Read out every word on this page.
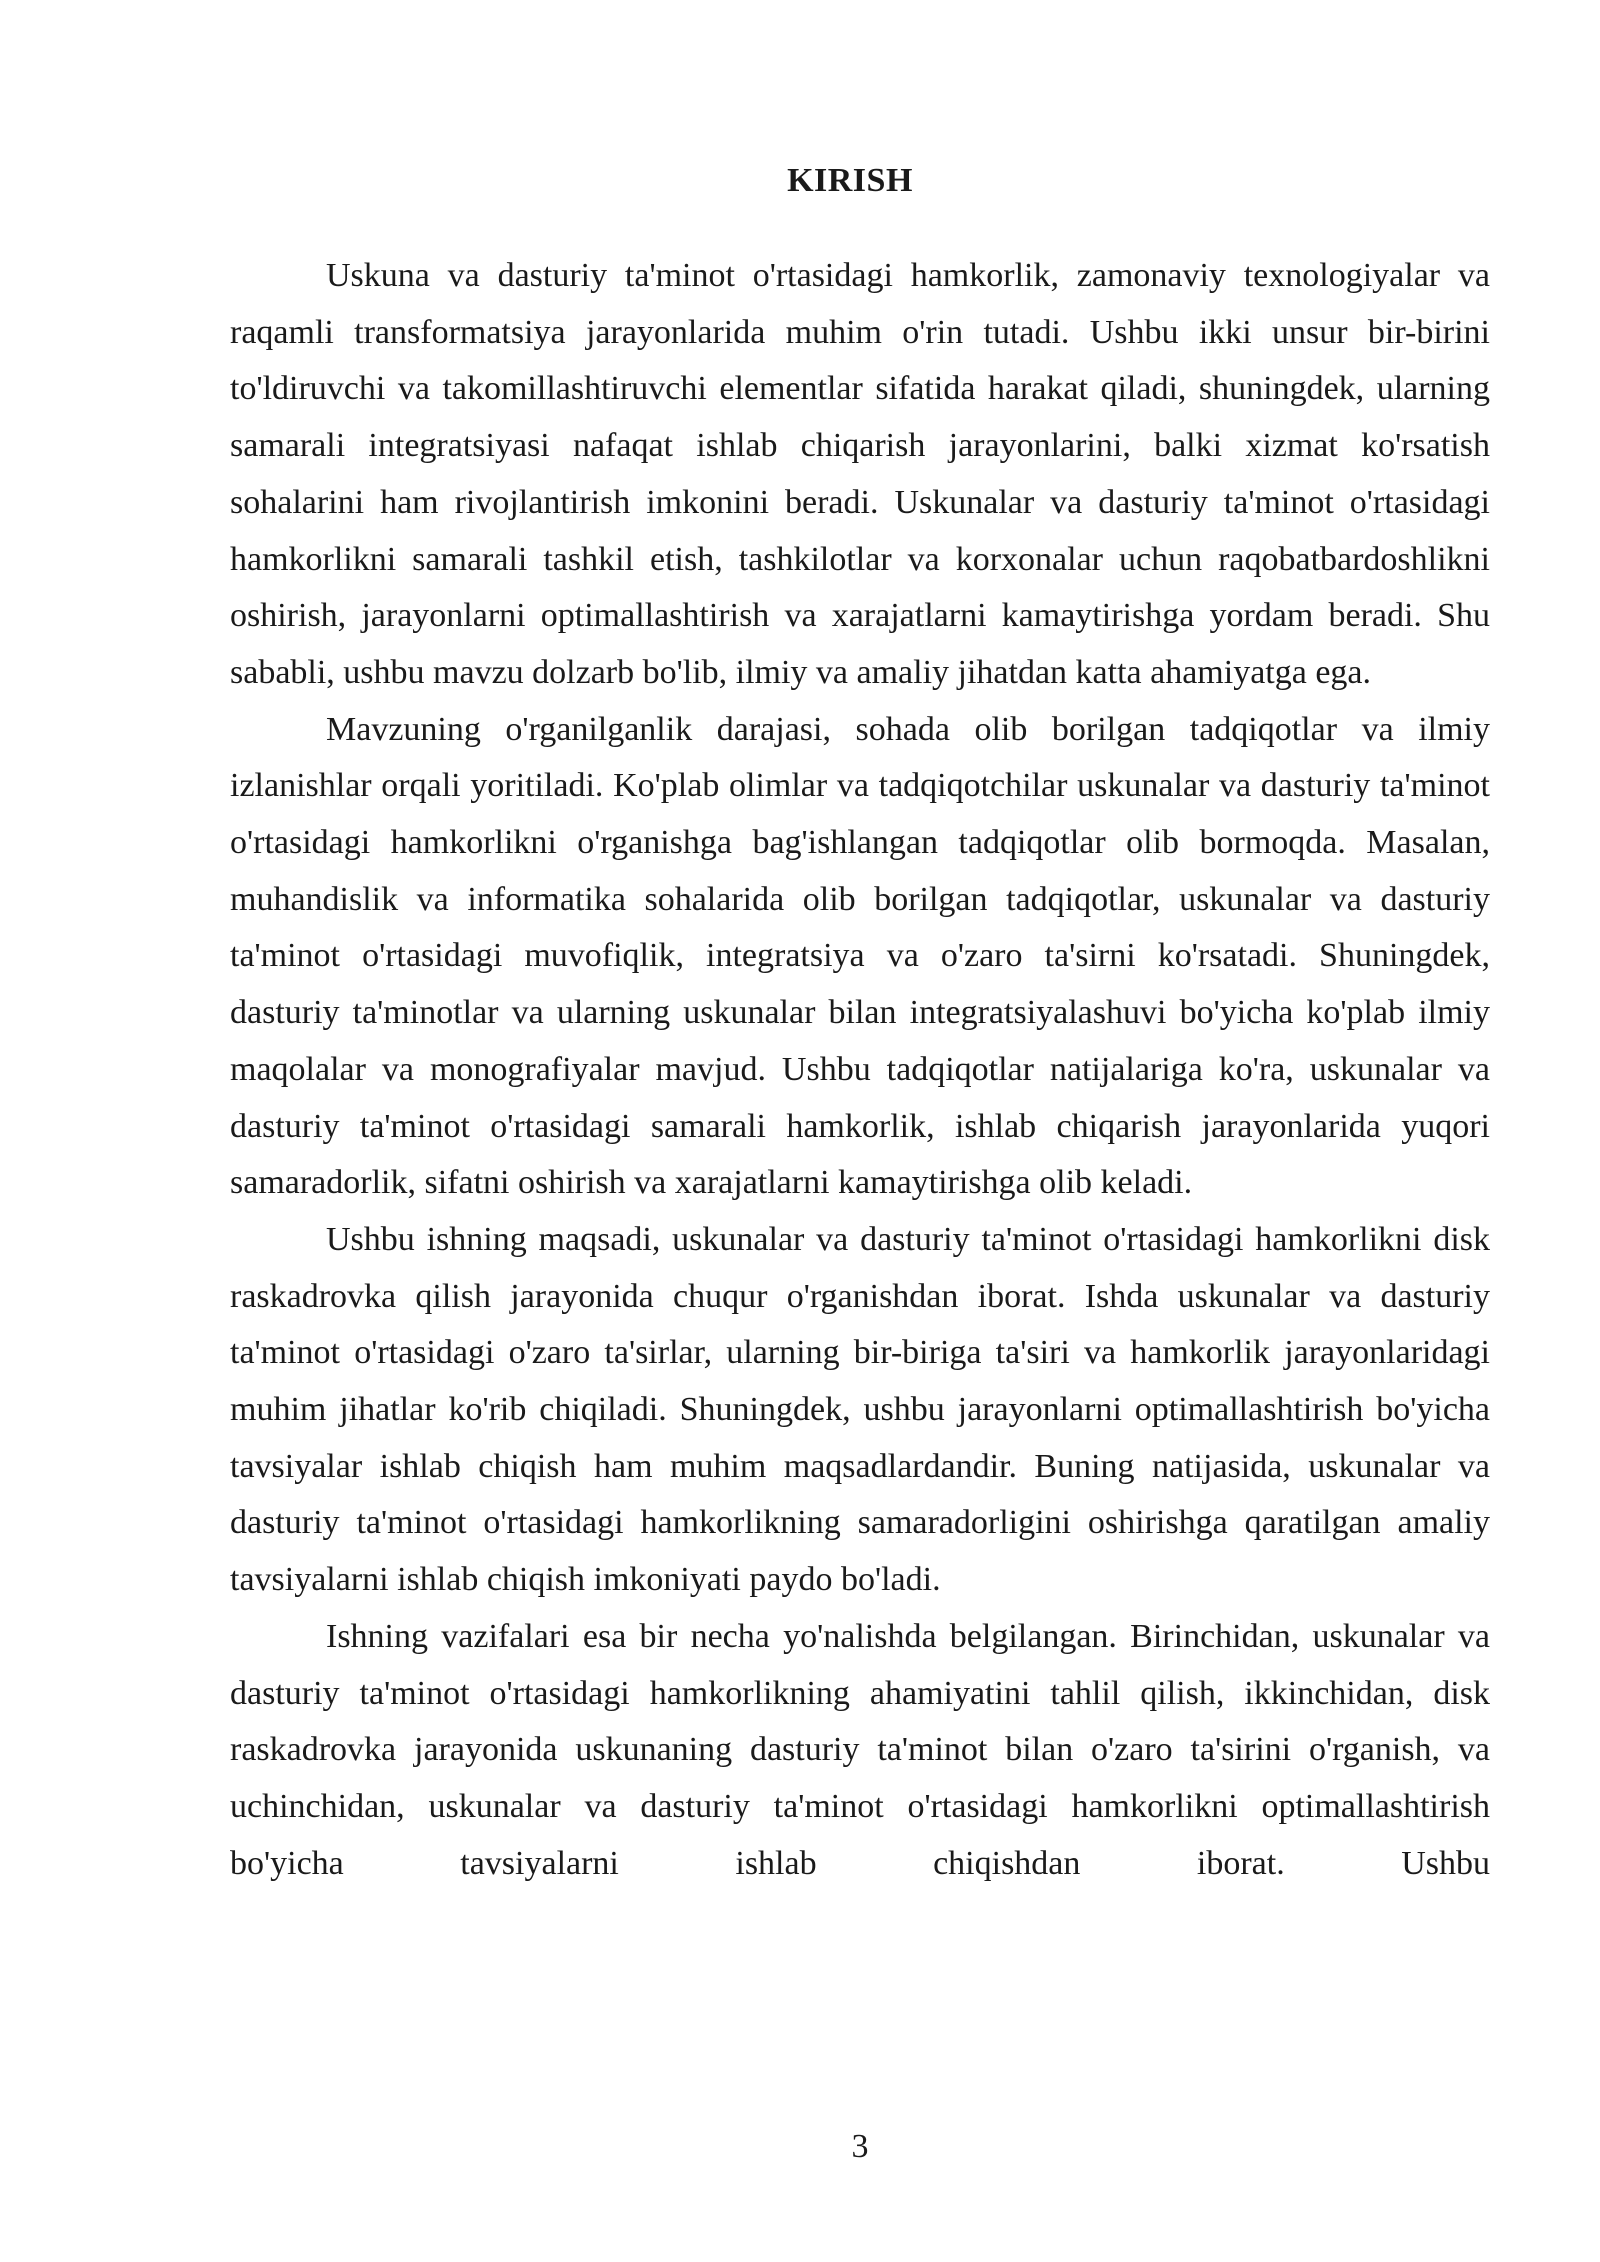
KIRISH

Uskuna va dasturiy ta'minot o'rtasidagi hamkorlik, zamonaviy texnologiyalar va raqamli transformatsiya jarayonlarida muhim o'rin tutadi. Ushbu ikki unsur bir-birini to'ldiruvchi va takomillashtiruvchi elementlar sifatida harakat qiladi, shuningdek, ularning samarali integratsiyasi nafaqat ishlab chiqarish jarayonlarini, balki xizmat ko'rsatish sohalarini ham rivojlantirish imkonini beradi. Uskunalar va dasturiy ta'minot o'rtasidagi hamkorlikni samarali tashkil etish, tashkilotlar va korxonalar uchun raqobatbardoshlikni oshirish, jarayonlarni optimallashtirish va xarajatlarni kamaytirishga yordam beradi. Shu sababli, ushbu mavzu dolzarb bo'lib, ilmiy va amaliy jihatdan katta ahamiyatga ega.

Mavzuning o'rganilganlik darajasi, sohada olib borilgan tadqiqotlar va ilmiy izlanishlar orqali yoritiladi. Ko'plab olimlar va tadqiqotchilar uskunalar va dasturiy ta'minot o'rtasidagi hamkorlikni o'rganishga bag'ishlangan tadqiqotlar olib bormoqda. Masalan, muhandislik va informatika sohalarida olib borilgan tadqiqotlar, uskunalar va dasturiy ta'minot o'rtasidagi muvofiqlik, integratsiya va o'zaro ta'sirni ko'rsatadi. Shuningdek, dasturiy ta'minotlar va ularning uskunalar bilan integratsiyalashuvi bo'yicha ko'plab ilmiy maqolalar va monografiyalar mavjud. Ushbu tadqiqotlar natijalariga ko'ra, uskunalar va dasturiy ta'minot o'rtasidagi samarali hamkorlik, ishlab chiqarish jarayonlarida yuqori samaradorlik, sifatni oshirish va xarajatlarni kamaytirishga olib keladi.

Ushbu ishning maqsadi, uskunalar va dasturiy ta'minot o'rtasidagi hamkorlikni disk raskadrovka qilish jarayonida chuqur o'rganishdan iborat. Ishda uskunalar va dasturiy ta'minot o'rtasidagi o'zaro ta'sirlar, ularning bir-biriga ta'siri va hamkorlik jarayonlaridagi muhim jihatlar ko'rib chiqiladi. Shuningdek, ushbu jarayonlarni optimallashtirish bo'yicha tavsiyalar ishlab chiqish ham muhim maqsadlardandir. Buning natijasida, uskunalar va dasturiy ta'minot o'rtasidagi hamkorlikning samaradorligini oshirishga qaratilgan amaliy tavsiyalarni ishlab chiqish imkoniyati paydo bo'ladi.

Ishning vazifalari esa bir necha yo'nalishda belgilangan. Birinchidan, uskunalar va dasturiy ta'minot o'rtasidagi hamkorlikning ahamiyatini tahlil qilish, ikkinchidan, disk raskadrovka jarayonida uskunaning dasturiy ta'minot bilan o'zaro ta'sirini o'rganish, va uchinchidan, uskunalar va dasturiy ta'minot o'rtasidagi hamkorlikni optimallashtirish bo'yicha tavsiyalarni ishlab chiqishdan iborat. Ushbu

3
